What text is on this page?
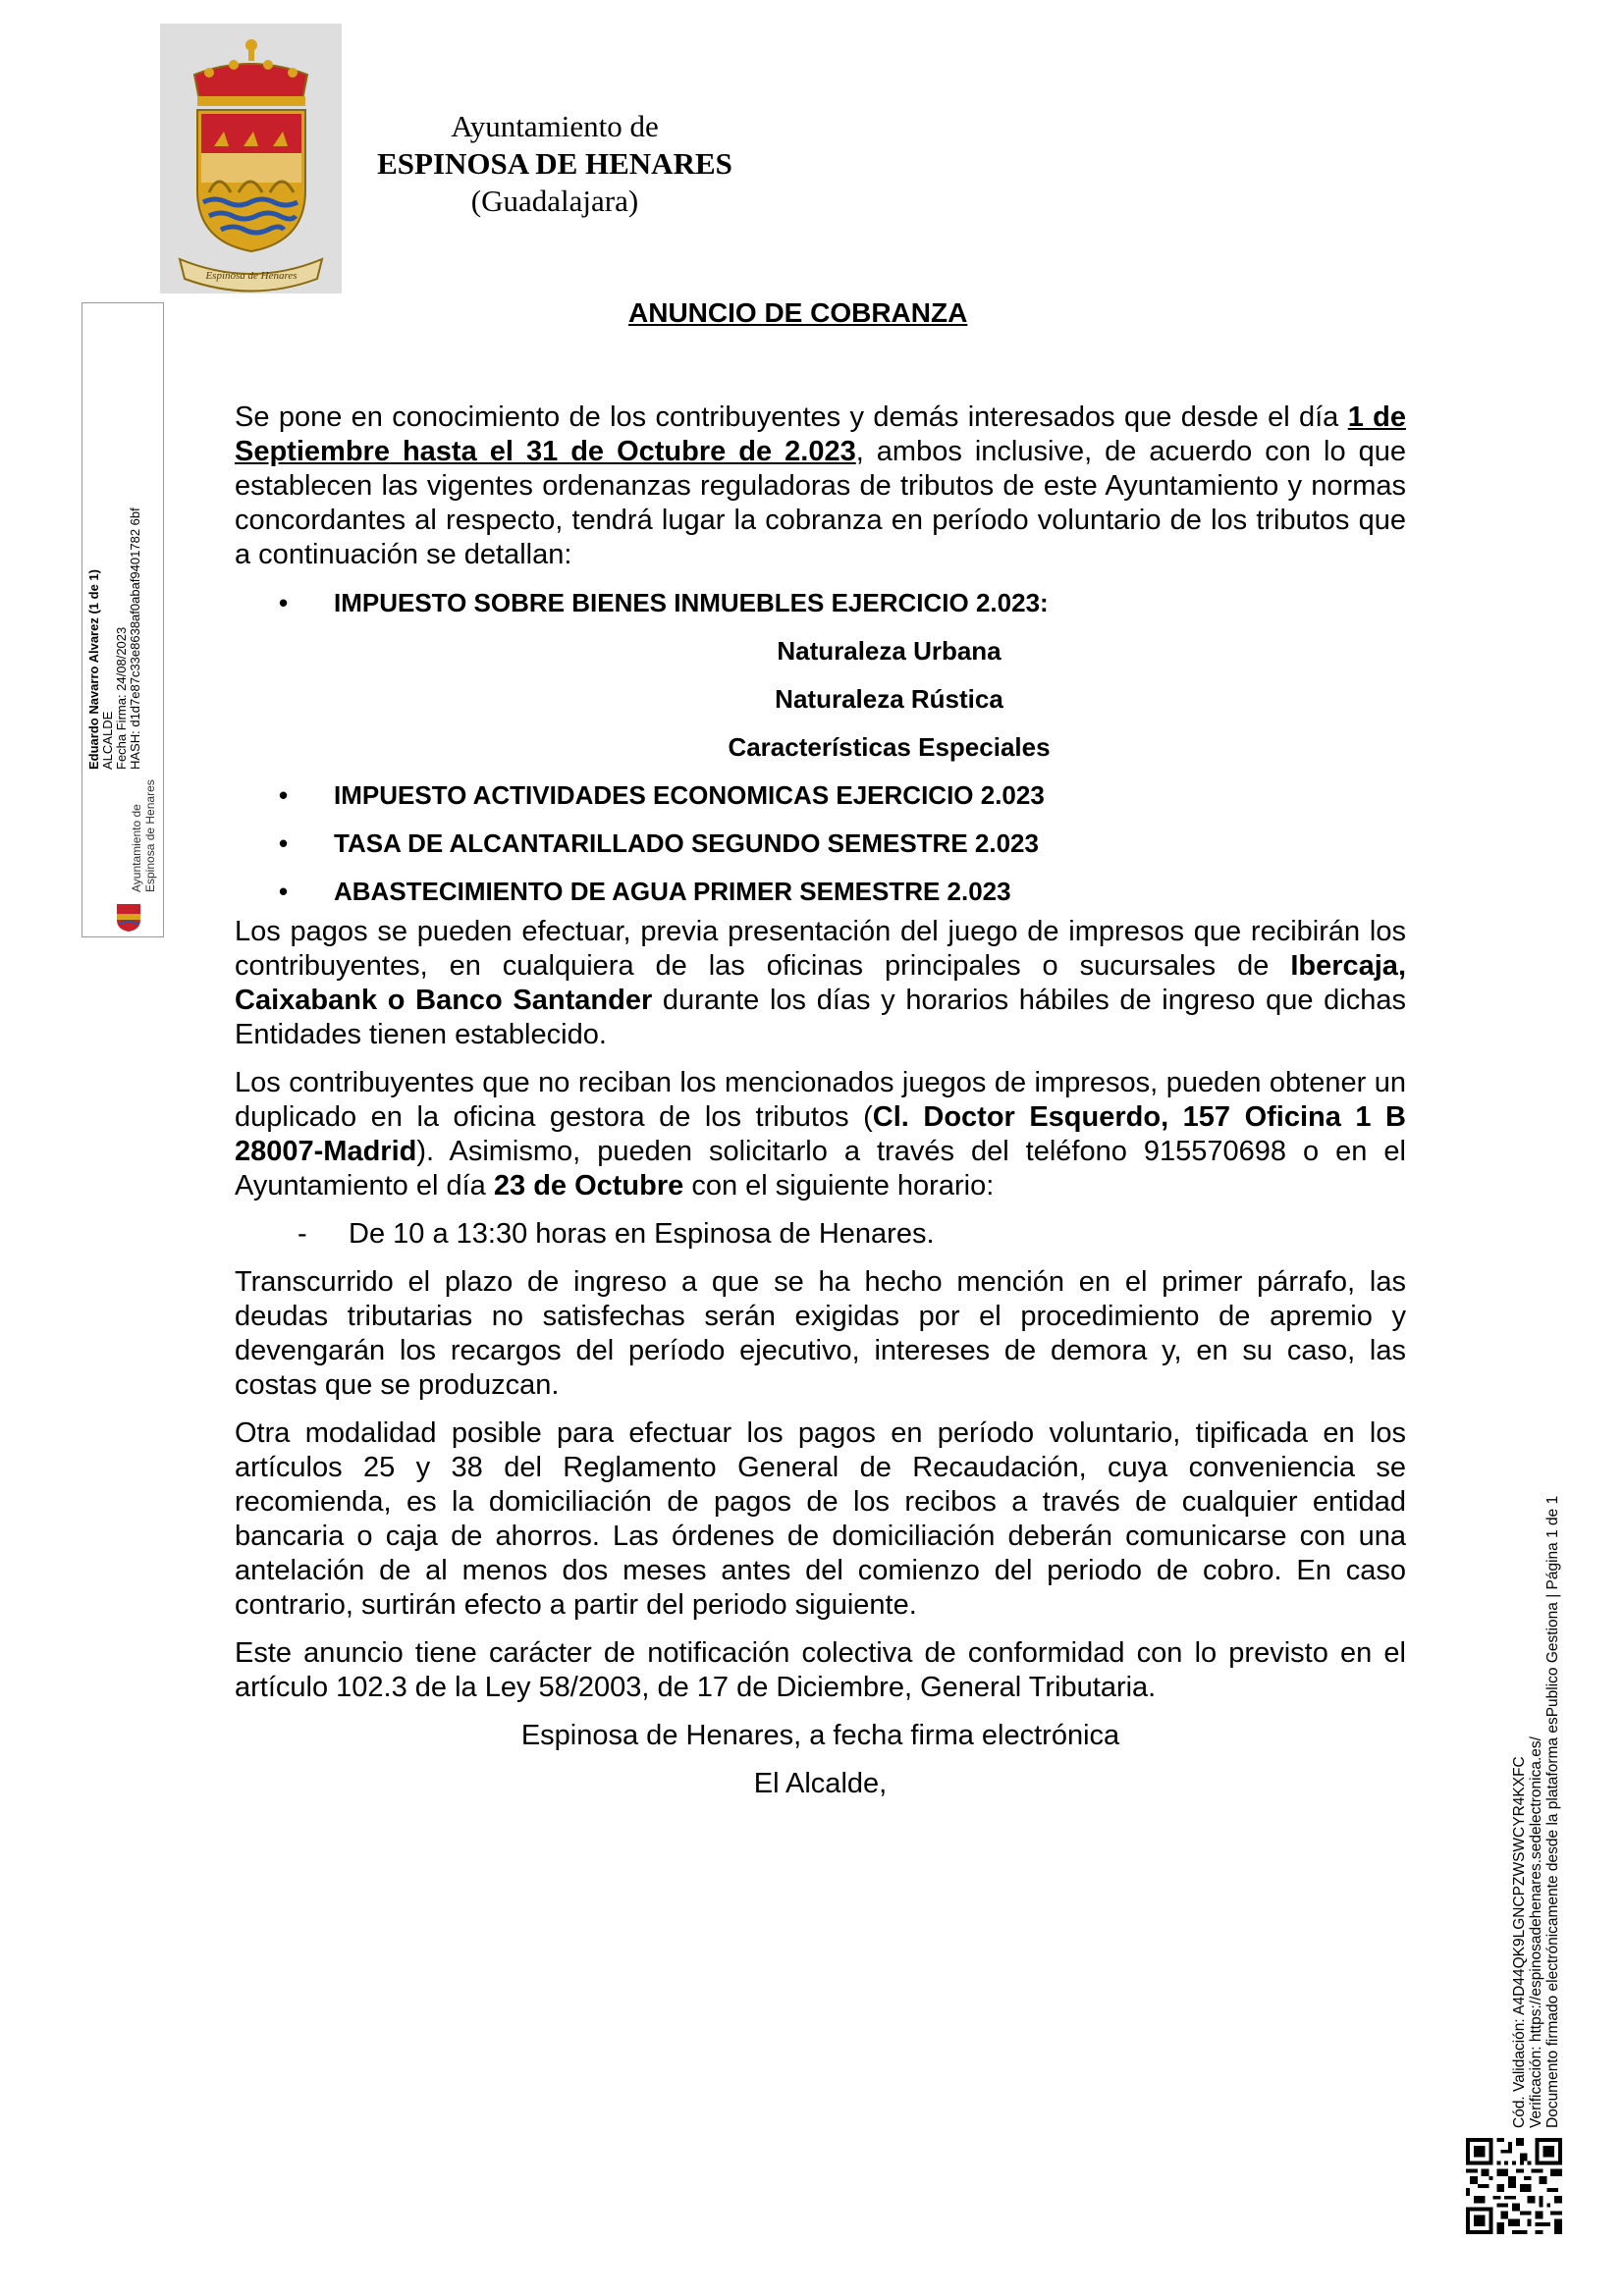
Espinosa de Henares
Ayuntamiento de
ESPINOSA DE HENARES
(Guadalajara)
ANUNCIO DE COBRANZA
Eduardo Navarro Alvarez (1 de 1) ALCALDE Fecha Firma: 24/08/2023 HASH: d1d7e87c33e8638af0abaf9401782 6bf
Ayuntamiento de Espinosa de Henares

Se pone en conocimiento de los contribuyentes y demás interesados que desde el día 1 de Septiembre hasta el 31 de Octubre de 2.023, ambos inclusive, de acuerdo con lo que establecen las vigentes ordenanzas reguladoras de tributos de este Ayuntamiento y normas concordantes al respecto, tendrá lugar la cobranza en período voluntario de los tributos que a continuación se detallan:

• IMPUESTO SOBRE BIENES INMUEBLES EJERCICIO 2.023:
Naturaleza Urbana
Naturaleza Rústica
Características Especiales
• IMPUESTO ACTIVIDADES ECONOMICAS EJERCICIO 2.023
• TASA DE ALCANTARILLADO SEGUNDO SEMESTRE 2.023
• ABASTECIMIENTO DE AGUA PRIMER SEMESTRE 2.023

Los pagos se pueden efectuar, previa presentación del juego de impresos que recibirán los contribuyentes, en cualquiera de las oficinas principales o sucursales de Ibercaja, Caixabank o Banco Santander durante los días y horarios hábiles de ingreso que dichas Entidades tienen establecido.

Los contribuyentes que no reciban los mencionados juegos de impresos, pueden obtener un duplicado en la oficina gestora de los tributos (Cl. Doctor Esquerdo, 157 Oficina 1 B 28007-Madrid). Asimismo, pueden solicitarlo a través del teléfono 915570698 o en el Ayuntamiento el día 23 de Octubre con el siguiente horario:

- De 10 a 13:30 horas en Espinosa de Henares.

Transcurrido el plazo de ingreso a que se ha hecho mención en el primer párrafo, las deudas tributarias no satisfechas serán exigidas por el procedimiento de apremio y devengarán los recargos del período ejecutivo, intereses de demora y, en su caso, las costas que se produzcan.

Otra modalidad posible para efectuar los pagos en período voluntario, tipificada en los artículos 25 y 38 del Reglamento General de Recaudación, cuya conveniencia se recomienda, es la domiciliación de pagos de los recibos a través de cualquier entidad bancaria o caja de ahorros. Las órdenes de domiciliación deberán comunicarse con una antelación de al menos dos meses antes del comienzo del periodo de cobro. En caso contrario, surtirán efecto a partir del periodo siguiente.

Este anuncio tiene carácter de notificación colectiva de conformidad con lo previsto en el artículo 102.3 de la Ley 58/2003, de 17 de Diciembre, General Tributaria.

Espinosa de Henares, a fecha firma electrónica

El Alcalde,	Cód. Validación: A4D44QK9LGNCPZWSWCYR4KXFC Verificación: https://espinosadehenares.sedelectronica.es/ Documento firmado electrónicamente desde la plataforma esPublico Gestiona | Página 1 de 1
